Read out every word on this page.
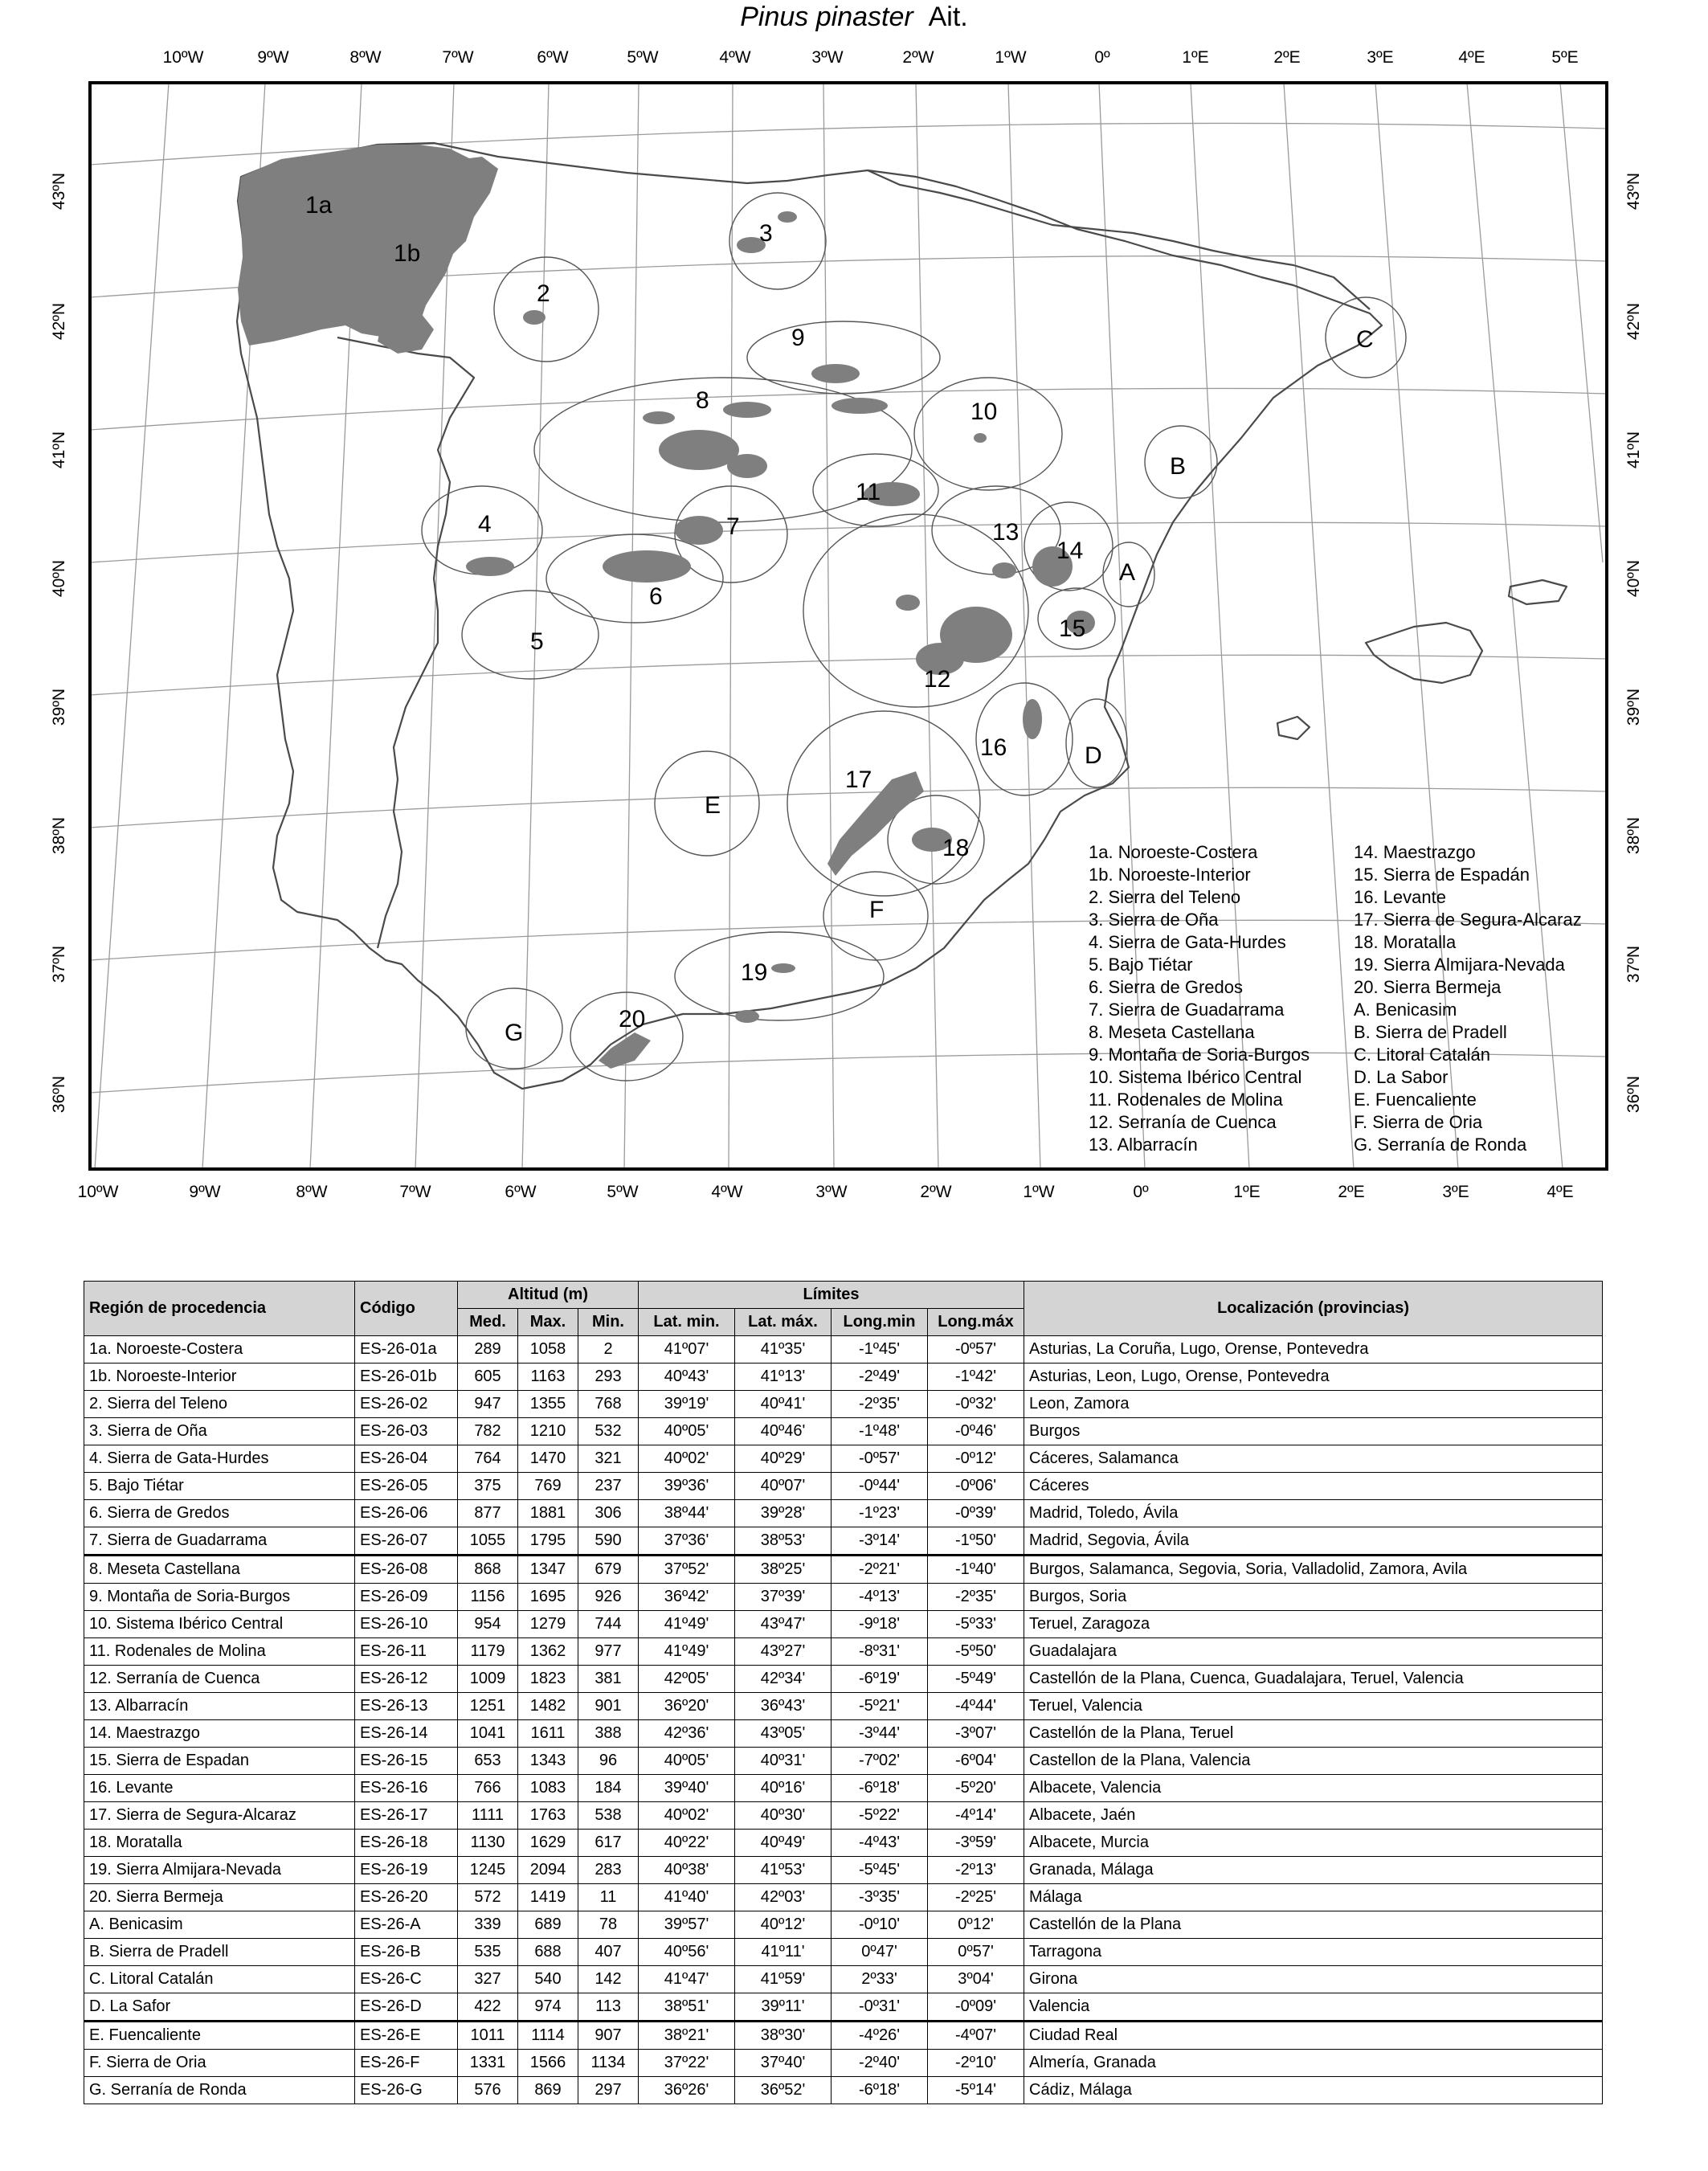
Pinus pinaster Ait.
10ºW	9ºW	8ºW	7ºW	6ºW	5ºW	4ºW	3ºW	2ºW	1ºW	0º	1ºE	2ºE	3ºE	4ºE	5ºE
10ºW	9ºW	8ºW	7ºW	6ºW	5ºW	4ºW	3ºW	2ºW	1ºW	0º	1ºE	2ºE	3ºE	4ºE
43ºN
42ºN
41ºN
40ºN
39ºN
38ºN
37ºN
36ºN
43ºN
42ºN
41ºN
40ºN
39ºN
38ºN
37ºN
36ºN
1a
1b
2
3
4
5
6
7
8
9
10
11
12
13
14
15
16
17
18
19
20
A
B
C
D
E
F
G
1a. Noroeste-Costera
1b. Noroeste-Interior
2. Sierra del Teleno
3. Sierra de Oña
4. Sierra de Gata-Hurdes
5. Bajo Tiétar
6. Sierra de Gredos
7. Sierra de Guadarrama
8. Meseta Castellana
9. Montaña de Soria-Burgos
10. Sistema Ibérico Central
11. Rodenales de Molina
12. Serranía de Cuenca
13. Albarracín
14. Maestrazgo
15. Sierra de Espadán
16. Levante
17. Sierra de Segura-Alcaraz
18. Moratalla
19. Sierra Almijara-Nevada
20. Sierra Bermeja
A. Benicasim
B. Sierra de Pradell
C. Litoral Catalán
D. La Sabor
E. Fuencaliente
F. Sierra de Oria
G. Serranía de Ronda
Región de procedencia	Código	Altitud (m)			Límites				Localización (provincias)
		Med.	Max.	Min.	Lat. min.	Lat. máx.	Long.min	Long.máx	
1a. Noroeste-Costera	ES-26-01a	289	1058	2	41º07'	41º35'	-1º45'	-0º57'	Asturias, La Coruña, Lugo, Orense, Pontevedra
1b. Noroeste-Interior	ES-26-01b	605	1163	293	40º43'	41º13'	-2º49'	-1º42'	Asturias, Leon, Lugo, Orense, Pontevedra
2. Sierra del Teleno	ES-26-02	947	1355	768	39º19'	40º41'	-2º35'	-0º32'	Leon, Zamora
3. Sierra de Oña	ES-26-03	782	1210	532	40º05'	40º46'	-1º48'	-0º46'	Burgos
4. Sierra de Gata-Hurdes	ES-26-04	764	1470	321	40º02'	40º29'	-0º57'	-0º12'	Cáceres, Salamanca
5. Bajo Tiétar	ES-26-05	375	769	237	39º36'	40º07'	-0º44'	-0º06'	Cáceres
6. Sierra de Gredos	ES-26-06	877	1881	306	38º44'	39º28'	-1º23'	-0º39'	Madrid, Toledo, Ávila
7. Sierra de Guadarrama	ES-26-07	1055	1795	590	37º36'	38º53'	-3º14'	-1º50'	Madrid, Segovia, Ávila
8. Meseta Castellana	ES-26-08	868	1347	679	37º52'	38º25'	-2º21'	-1º40'	Burgos, Salamanca, Segovia, Soria, Valladolid, Zamora, Avila
9. Montaña de Soria-Burgos	ES-26-09	1156	1695	926	36º42'	37º39'	-4º13'	-2º35'	Burgos, Soria
10. Sistema Ibérico Central	ES-26-10	954	1279	744	41º49'	43º47'	-9º18'	-5º33'	Teruel, Zaragoza
11. Rodenales de Molina	ES-26-11	1179	1362	977	41º49'	43º27'	-8º31'	-5º50'	Guadalajara
12. Serranía de Cuenca	ES-26-12	1009	1823	381	42º05'	42º34'	-6º19'	-5º49'	Castellón de la Plana, Cuenca, Guadalajara, Teruel, Valencia
13. Albarracín	ES-26-13	1251	1482	901	36º20'	36º43'	-5º21'	-4º44'	Teruel, Valencia
14. Maestrazgo	ES-26-14	1041	1611	388	42º36'	43º05'	-3º44'	-3º07'	Castellón de la Plana, Teruel
15. Sierra de Espadan	ES-26-15	653	1343	96	40º05'	40º31'	-7º02'	-6º04'	Castellon de la Plana, Valencia
16. Levante	ES-26-16	766	1083	184	39º40'	40º16'	-6º18'	-5º20'	Albacete, Valencia
17. Sierra de Segura-Alcaraz	ES-26-17	1111	1763	538	40º02'	40º30'	-5º22'	-4º14'	Albacete, Jaén
18. Moratalla	ES-26-18	1130	1629	617	40º22'	40º49'	-4º43'	-3º59'	Albacete, Murcia
19. Sierra Almijara-Nevada	ES-26-19	1245	2094	283	40º38'	41º53'	-5º45'	-2º13'	Granada, Málaga
20. Sierra Bermeja	ES-26-20	572	1419	11	41º40'	42º03'	-3º35'	-2º25'	Málaga
A. Benicasim	ES-26-A	339	689	78	39º57'	40º12'	-0º10'	0º12'	Castellón de la Plana
B. Sierra de Pradell	ES-26-B	535	688	407	40º56'	41º11'	0º47'	0º57'	Tarragona
C. Litoral Catalán	ES-26-C	327	540	142	41º47'	41º59'	2º33'	3º04'	Girona
D. La Safor	ES-26-D	422	974	113	38º51'	39º11'	-0º31'	-0º09'	Valencia
E. Fuencaliente	ES-26-E	1011	1114	907	38º21'	38º30'	-4º26'	-4º07'	Ciudad Real
F. Sierra de Oria	ES-26-F	1331	1566	1134	37º22'	37º40'	-2º40'	-2º10'	Almería, Granada
G. Serranía de Ronda	ES-26-G	576	869	297	36º26'	36º52'	-6º18'	-5º14'	Cádiz, Málaga
